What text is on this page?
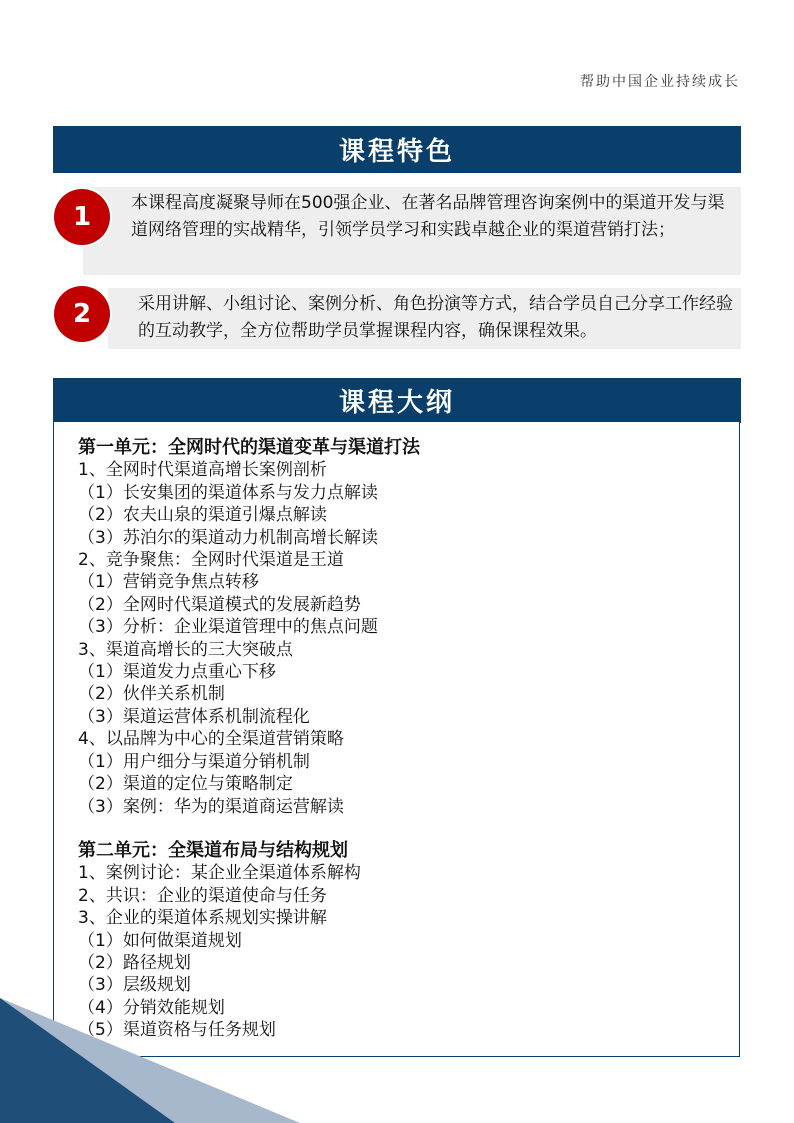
帮助中国企业持续成长
课程特色
本课程高度凝聚导师在500强企业、在著名品牌管理咨询案例中的渠道开发与渠道网络管理的实战精华，引领学员学习和实践卓越企业的渠道营销打法；
1
采用讲解、小组讨论、案例分析、角色扮演等方式，结合学员自己分享工作经验的互动教学，全方位帮助学员掌握课程内容，确保课程效果。
2
课程大纲
第一单元：全网时代的渠道变革与渠道打法
1、全网时代渠道高增长案例剖析
（1）长安集团的渠道体系与发力点解读
（2）农夫山泉的渠道引爆点解读
（3）苏泊尔的渠道动力机制高增长解读
2、竞争聚焦：全网时代渠道是王道
（1）营销竞争焦点转移
（2）全网时代渠道模式的发展新趋势
（3）分析：企业渠道管理中的焦点问题
3、渠道高增长的三大突破点
（1）渠道发力点重心下移
（2）伙伴关系机制
（3）渠道运营体系机制流程化
4、以品牌为中心的全渠道营销策略
（1）用户细分与渠道分销机制
（2）渠道的定位与策略制定
（3）案例：华为的渠道商运营解读
第二单元：全渠道布局与结构规划
1、案例讨论：某企业全渠道体系解构
2、共识：企业的渠道使命与任务
3、企业的渠道体系规划实操讲解
（1）如何做渠道规划
（2）路径规划
（3）层级规划
（4）分销效能规划
（5）渠道资格与任务规划
